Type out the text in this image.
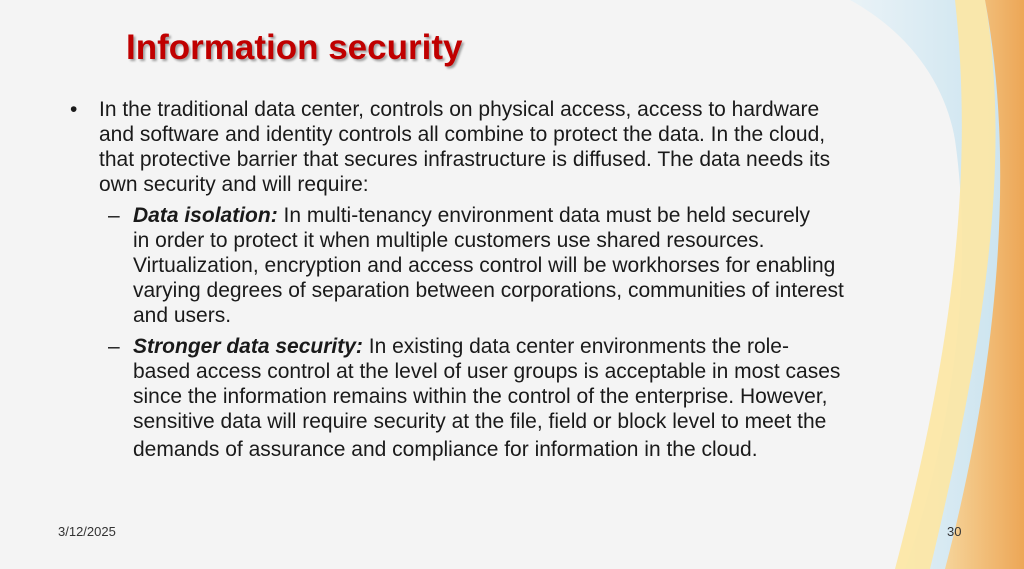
Information security
• In the traditional data center, controls on physical access, access to hardware
and software and identity controls all combine to protect the data. In the cloud,
that protective barrier that secures infrastructure is diffused. The data needs its
own security and will require:
– Data isolation: In multi-tenancy environment data must be held securely
in order to protect it when multiple customers use shared resources.
Virtualization, encryption and access control will be workhorses for enabling
varying degrees of separation between corporations, communities of interest
and users.
– Stronger data security: In existing data center environments the role-
based access control at the level of user groups is acceptable in most cases
since the information remains within the control of the enterprise. However,
sensitive data will require security at the file, field or block level to meet the
demands of assurance and compliance for information in the cloud.
3/12/2025	30
